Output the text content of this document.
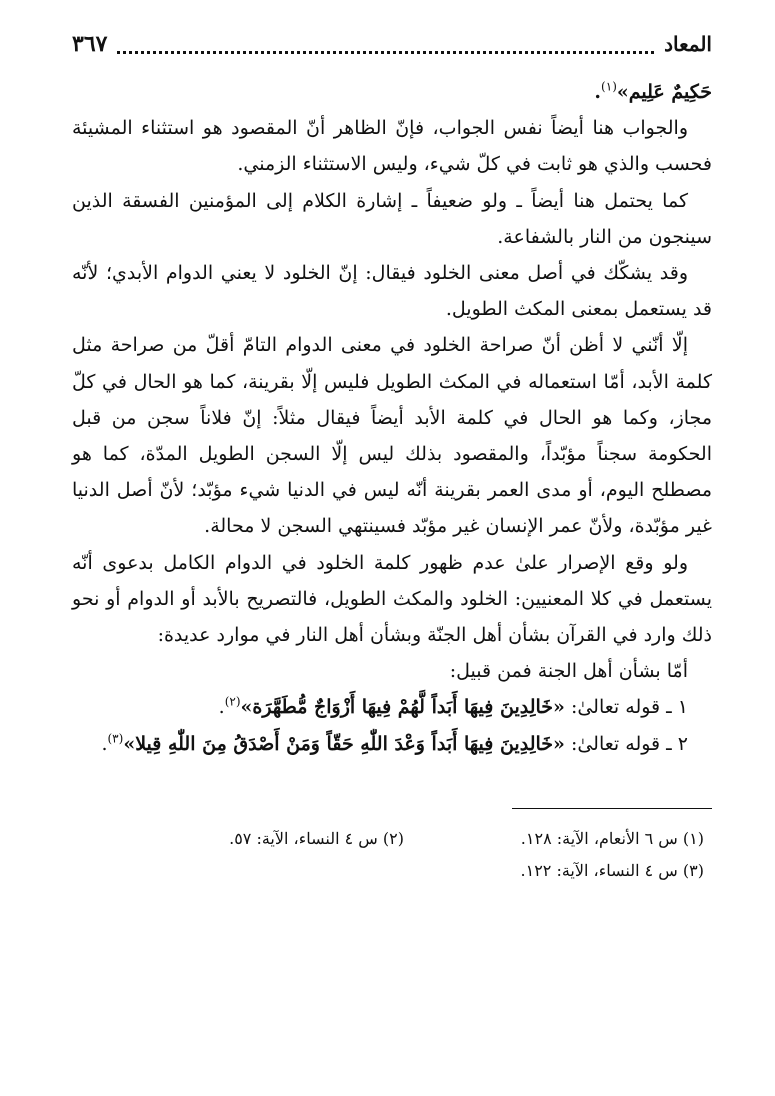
المعاد
٣٦٧

حَكِيمٌ عَلِيم»$^{(١)}$.

والجواب هنا أيضاً نفس الجواب، فإنّ الظاهر أنّ المقصود هو استثناء المشيئة فحسب والذي هو ثابت في كلّ شيء، وليس الاستثناء الزمني.

كما يحتمل هنا أيضاً ـ ولو ضعيفاً ـ إشارة الكلام إلى المؤمنين الفسقة الذين سينجون من النار بالشفاعة.

وقد يشكّك في أصل معنى الخلود فيقال: إنّ الخلود لا يعني الدوام الأبدي؛ لأنّه قد يستعمل بمعنى المكث الطويل.

إلّا أنّني لا أظن أنّ صراحة الخلود في معنى الدوام التامّ أقلّ من صراحة مثل كلمة الأبد، أمّا استعماله في المكث الطويل فليس إلّا بقرينة، كما هو الحال في كلّ مجاز، وكما هو الحال في كلمة الأبد أيضاً فيقال مثلاً: إنّ فلاناً سجن من قبل الحكومة سجناً مؤبّداً، والمقصود بذلك ليس إلّا السجن الطويل المدّة، كما هو مصطلح اليوم، أو مدى العمر بقرينة أنّه ليس في الدنيا شيء مؤبّد؛ لأنّ أصل الدنيا غير مؤبّدة، ولأنّ عمر الإنسان غير مؤبّد فسينتهي السجن لا محالة.

ولو وقع الإصرار علىٰ عدم ظهور كلمة الخلود في الدوام الكامل بدعوى أنّه يستعمل في كلا المعنيين: الخلود والمكث الطويل، فالتصريح بالأبد أو الدوام أو نحو ذلك وارد في القرآن بشأن أهل الجنّة وبشأن أهل النار في موارد عديدة:

أمّا بشأن أهل الجنة فمن قبيل:

١ ـ قوله تعالىٰ: «خَالِدِينَ فِيهَا أَبَداً لَّهُمْ فِيهَا أَزْوَاجٌ مُّطَهَّرَة»$^{(٢)}$.

٢ ـ قوله تعالىٰ: «خَالِدِينَ فِيهَا أَبَداً وَعْدَ اللّٰهِ حَقّاً وَمَنْ أَصْدَقُ مِنَ اللّٰهِ قِيلا»$^{(٣)}$.

(١) س ٦ الأنعام، الآية: ١٢٨.
(٢) س ٤ النساء، الآية: ٥٧.
(٣) س ٤ النساء، الآية: ١٢٢.
